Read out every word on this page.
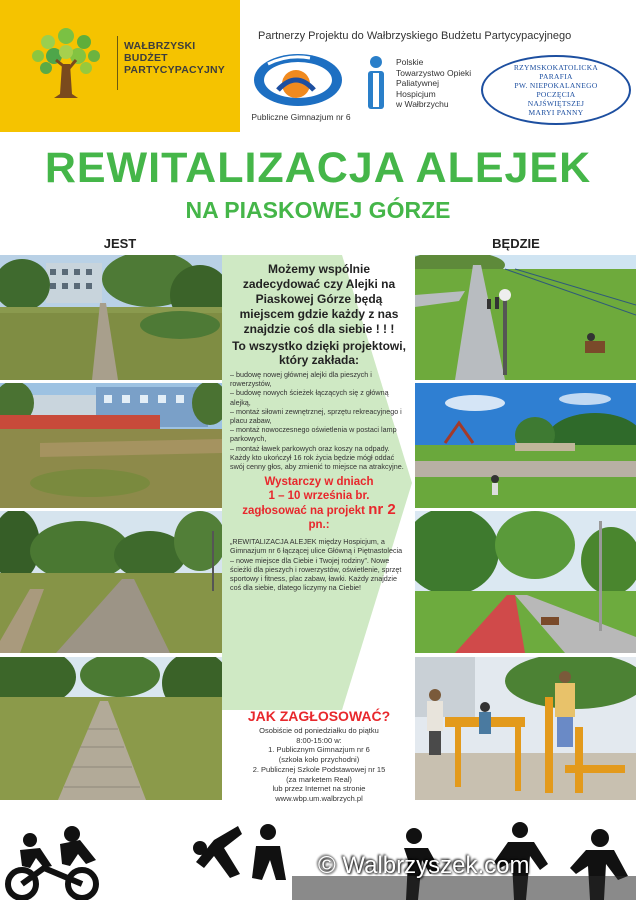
WAŁBRZYSKI
BUDŻET
PARTYCYPACYJNY
Partnerzy Projektu do Wałbrzyskiego Budżetu Partycypacyjnego
Publiczne Gimnazjum nr 6
Polskie
Towarzystwo Opieki
Paliatywnej
Hospicjum
w Wałbrzychu
RZYMSKOKATOLICKA
PARAFIA
PW. NIEPOKALANEGO
POCZĘCIA
NAJŚWIĘTSZEJ
MARYI PANNY
REWITALIZACJA ALEJEK
NA PIASKOWEJ GÓRZE
JEST	BĘDZIE
Możemy wspólnie zadecydować czy Alejki na Piaskowej Górze będą miejscem gdzie każdy z nas znajdzie coś dla siebie ! ! !
To wszystko dzięki projektowi, który zakłada:
– budowę nowej głównej alejki dla pieszych i rowerzystów,
– budowę nowych ścieżek łączących się z główną alejką,
– montaż siłowni zewnętrznej, sprzętu rekreacyjnego i placu zabaw,
– montaż nowoczesnego oświetlenia w postaci lamp parkowych,
– montaż ławek parkowych oraz koszy na odpady.
Każdy kto ukończył 16 rok życia będzie mógł oddać swój cenny głos, aby zmienić to miejsce na atrakcyjne.
Wystarczy w dniach
1 – 10 września br.
zagłosować na projekt nr 2
pn.:
„REWITALIZACJA ALEJEK między Hospicjum, a Gimnazjum nr 6 łączącej ulice Główną i Piętnastolecia – nowe miejsce dla Ciebie i Twojej rodziny”. Nowe ścieżki dla pieszych i rowerzystów, oświetlenie, sprzęt sportowy i fitness, plac zabaw, ławki. Każdy znajdzie coś dla siebie, dlatego liczymy na Ciebie!
JAK ZAGŁOSOWAĆ?
Osobiście od poniedziałku do piątku
8:00-15:00 w:
1. Publicznym Gimnazjum nr 6
(szkoła koło przychodni)
2. Publicznej Szkole Podstawowej nr 15
(za marketem Real)
lub przez Internet na stronie
www.wbp.um.walbrzych.pl
© Walbrzyszek.com
